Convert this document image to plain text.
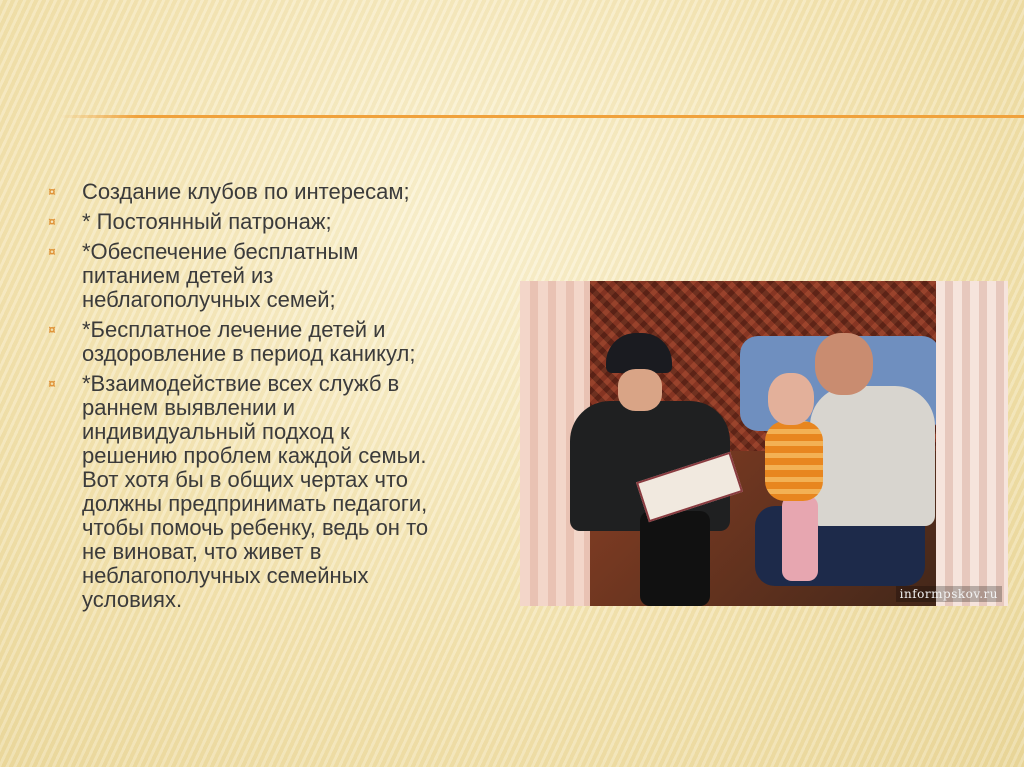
¤ Создание клубов по интересам;
¤ * Постоянный патронаж;
¤ *Обеспечение бесплатным
питанием детей из
неблагополучных семей;
¤ *Бесплатное лечение детей и
оздоровление в период каникул;
¤ *Взаимодействие всех служб в
раннем выявлении и
индивидуальный подход к
решению проблем каждой семьи.
Вот хотя бы в общих чертах что
должны предпринимать педагоги,
чтобы помочь ребенку, ведь он то
не виноват, что живет в
неблагополучных семейных
условиях.	informpskov.ru
